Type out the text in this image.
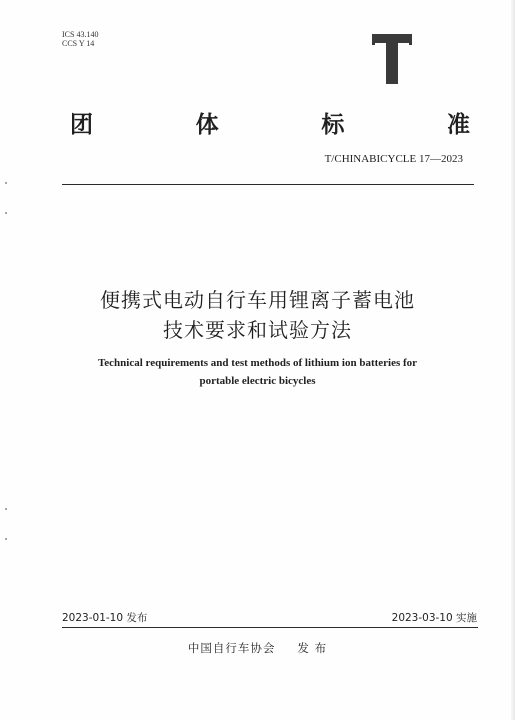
ICS 43.140
CCS Y 14
团	体	标	准
T/CHINABICYCLE 17—2023
便携式电动自行车用锂离子蓄电池
技术要求和试验方法
Technical requirements and test methods of lithium ion batteries for
portable electric bicycles
2023-01-10 发布	2023-03-10 实施
中国自行车协会 发 布
